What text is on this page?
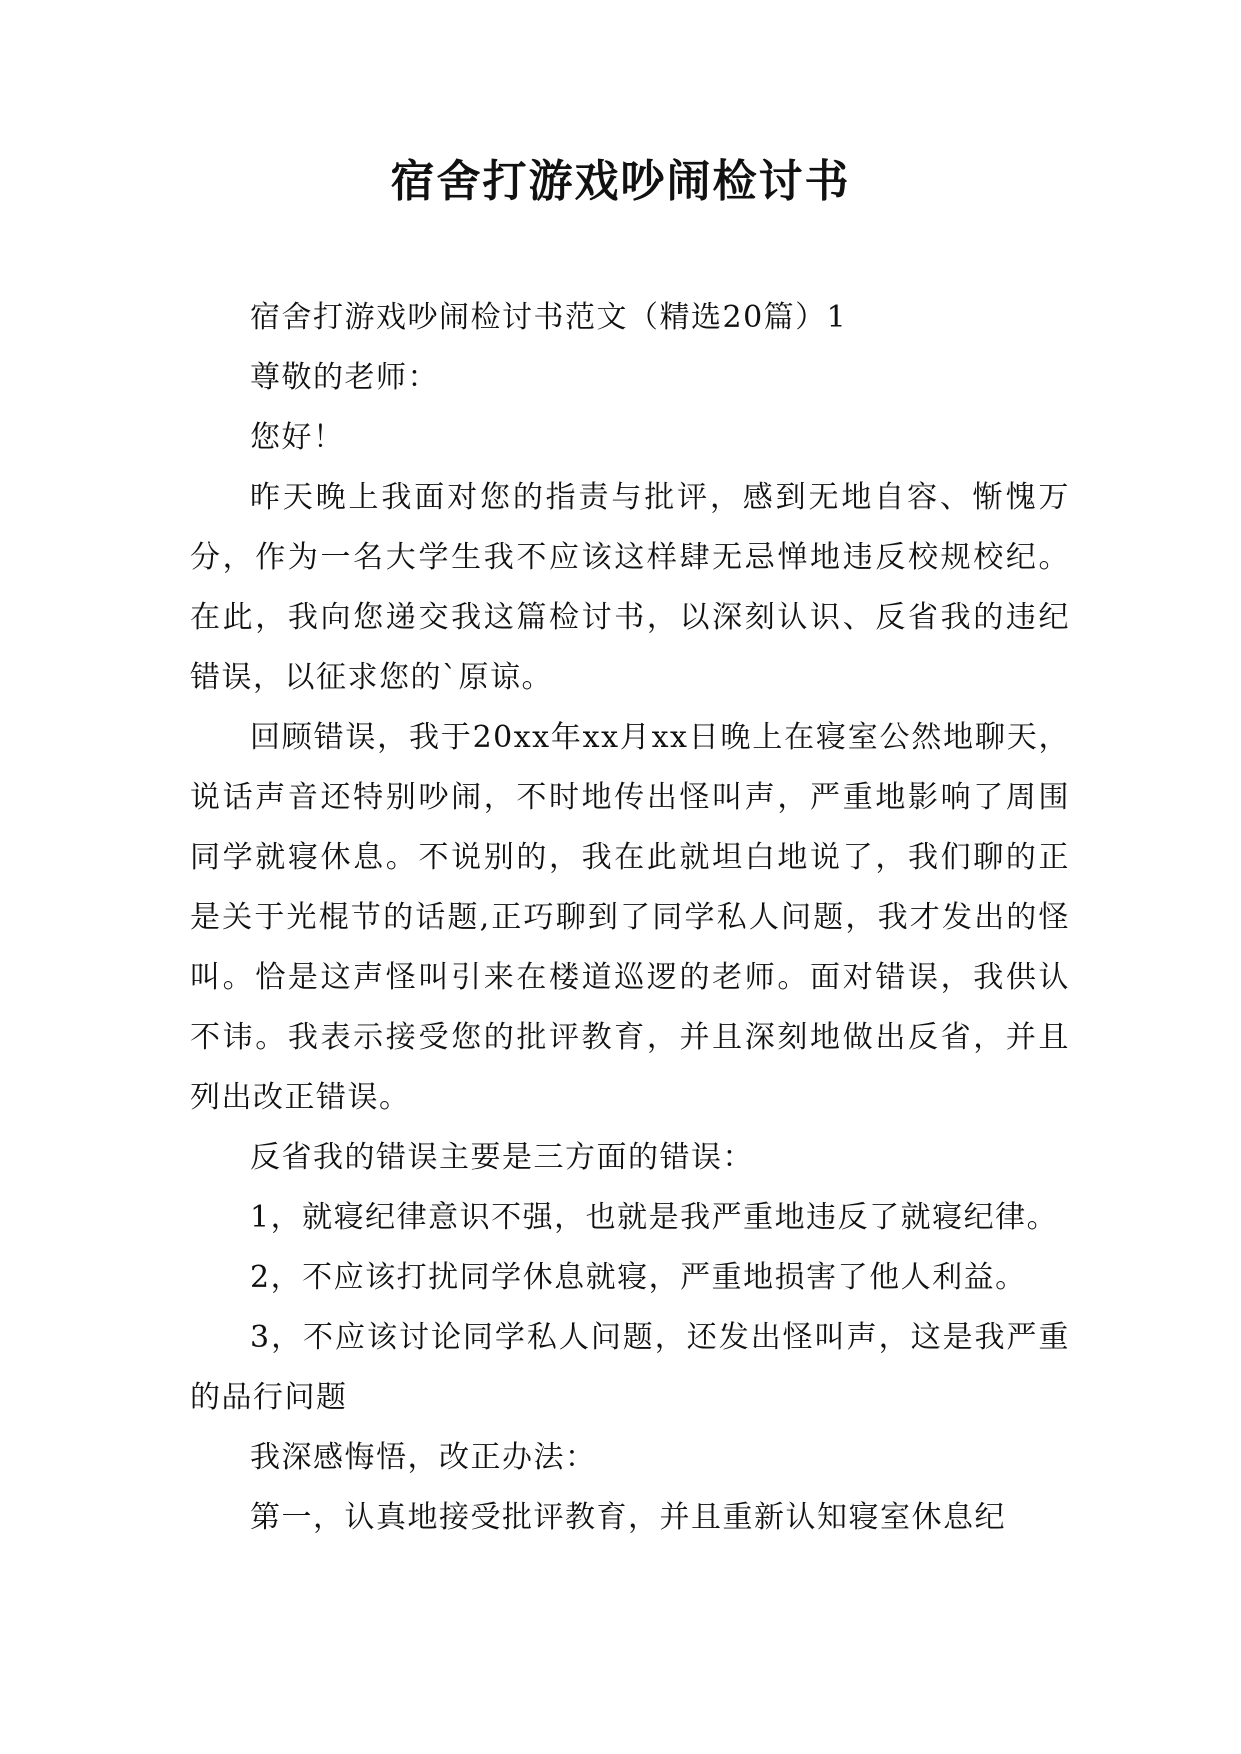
宿舍打游戏吵闹检讨书

宿舍打游戏吵闹检讨书范文（精选20篇）1

尊敬的老师：

您好！

昨天晚上我面对您的指责与批评，感到无地自容、惭愧万分，作为一名大学生我不应该这样肆无忌惮地违反校规校纪。在此，我向您递交我这篇检讨书，以深刻认识、反省我的违纪错误，以征求您的`原谅。

回顾错误，我于20xx年xx月xx日晚上在寝室公然地聊天，说话声音还特别吵闹，不时地传出怪叫声，严重地影响了周围同学就寝休息。不说别的，我在此就坦白地说了，我们聊的正是关于光棍节的话题,正巧聊到了同学私人问题，我才发出的怪叫。恰是这声怪叫引来在楼道巡逻的老师。面对错误，我供认不讳。我表示接受您的批评教育，并且深刻地做出反省，并且列出改正错误。

反省我的错误主要是三方面的错误：

1，就寝纪律意识不强，也就是我严重地违反了就寝纪律。

2，不应该打扰同学休息就寝，严重地损害了他人利益。

3，不应该讨论同学私人问题，还发出怪叫声，这是我严重的品行问题

我深感悔悟，改正办法：

第一，认真地接受批评教育，并且重新认知寝室休息纪
